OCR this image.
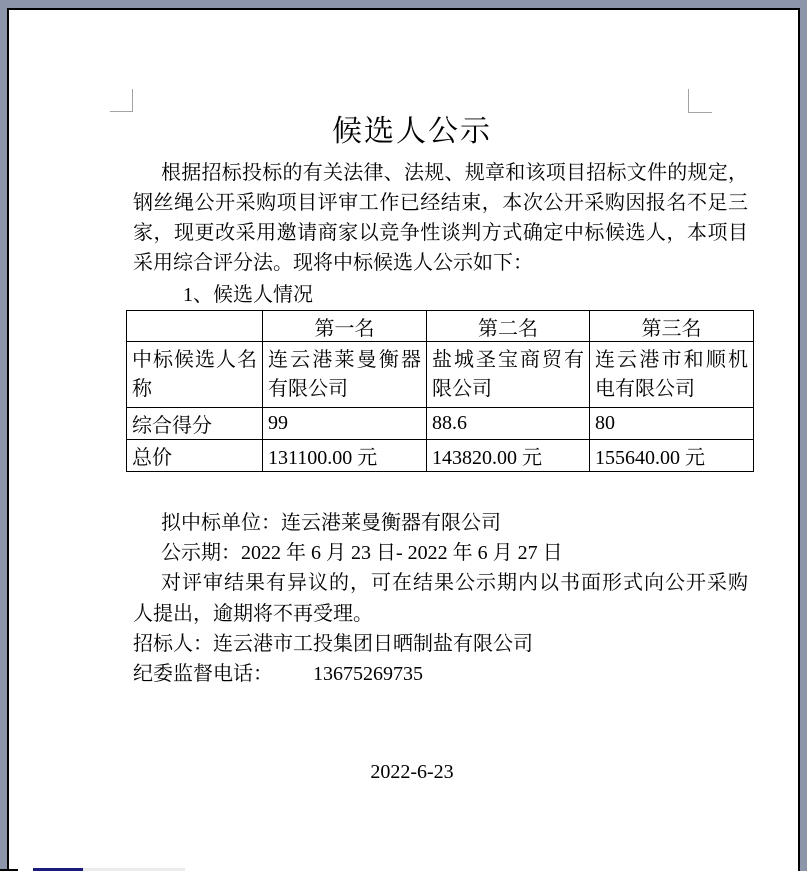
候选人公示
根据招标投标的有关法律、法规、规章和该项目招标文件的规定，
钢丝绳公开采购项目评审工作已经结束，本次公开采购因报名不足三
家，现更改采用邀请商家以竞争性谈判方式确定中标候选人，本项目
采用综合评分法。现将中标候选人公示如下：
1、候选人情况
	第一名	第二名	第三名
中标候选人名称	连云港莱曼衡器有限公司	盐城圣宝商贸有限公司	连云港市和顺机电有限公司
综合得分	99	88.6	80
总价	131100.00 元	143820.00 元	155640.00 元
拟中标单位：连云港莱曼衡器有限公司
公示期：2022 年 6 月 23 日- 2022 年 6 月 27 日
对评审结果有异议的，可在结果公示期内以书面形式向公开采购
人提出，逾期将不再受理。
招标人：连云港市工投集团日晒制盐有限公司
纪委监督电话： 13675269735
2022-6-23
